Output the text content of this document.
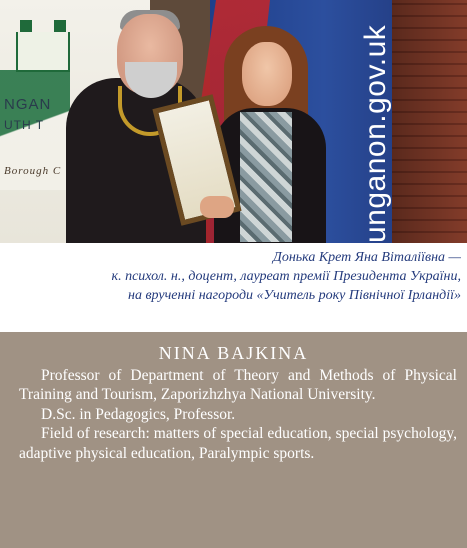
NGAN
UTH T
Borough C	unganon.gov.uk
Донька Крет Яна Віталіївна —
к. психол. н., доцент, лауреат премії Президента України,
на врученні нагороди «Учитель року Північної Ірландії»
NINA BAJKINA
Professor of Department of Theory and Methods of Physical Training and Tourism, Zaporizhzhya National University.
D.Sc. in Pedagogics, Professor.
Field of research: matters of special education, special psychology, adaptive physical education, Paralympic sports.
